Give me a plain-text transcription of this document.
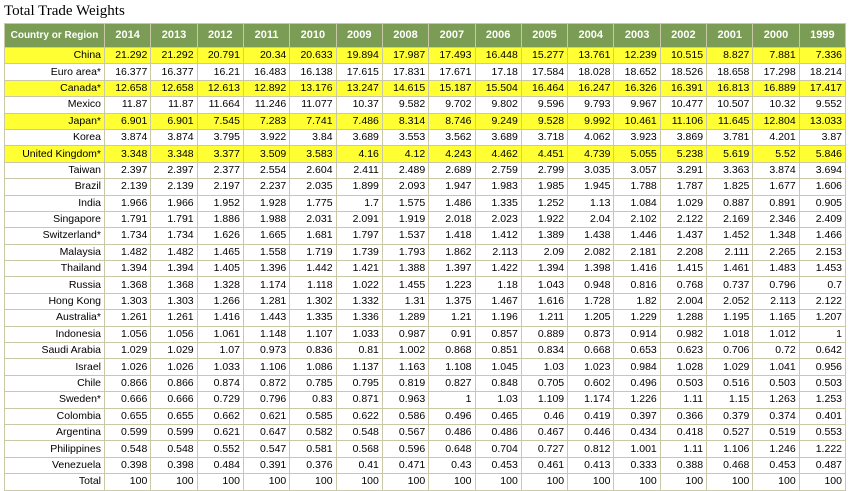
Total Trade Weights
Country or Region	2014	2013	2012	2011	2010	2009	2008	2007	2006	2005	2004	2003	2002	2001	2000	1999
China	21.292	21.292	20.791	20.34	20.633	19.894	17.987	17.493	16.448	15.277	13.761	12.239	10.515	8.827	7.881	7.336
Euro area*	16.377	16.377	16.21	16.483	16.138	17.615	17.831	17.671	17.18	17.584	18.028	18.652	18.526	18.658	17.298	18.214
Canada*	12.658	12.658	12.613	12.892	13.176	13.247	14.615	15.187	15.504	16.464	16.247	16.326	16.391	16.813	16.889	17.417
Mexico	11.87	11.87	11.664	11.246	11.077	10.37	9.582	9.702	9.802	9.596	9.793	9.967	10.477	10.507	10.32	9.552
Japan*	6.901	6.901	7.545	7.283	7.741	7.486	8.314	8.746	9.249	9.528	9.992	10.461	11.106	11.645	12.804	13.033
Korea	3.874	3.874	3.795	3.922	3.84	3.689	3.553	3.562	3.689	3.718	4.062	3.923	3.869	3.781	4.201	3.87
United Kingdom*	3.348	3.348	3.377	3.509	3.583	4.16	4.12	4.243	4.462	4.451	4.739	5.055	5.238	5.619	5.52	5.846
Taiwan	2.397	2.397	2.377	2.554	2.604	2.411	2.489	2.689	2.759	2.799	3.035	3.057	3.291	3.363	3.874	3.694
Brazil	2.139	2.139	2.197	2.237	2.035	1.899	2.093	1.947	1.983	1.985	1.945	1.788	1.787	1.825	1.677	1.606
India	1.966	1.966	1.952	1.928	1.775	1.7	1.575	1.486	1.335	1.252	1.13	1.084	1.029	0.887	0.891	0.905
Singapore	1.791	1.791	1.886	1.988	2.031	2.091	1.919	2.018	2.023	1.922	2.04	2.102	2.122	2.169	2.346	2.409
Switzerland*	1.734	1.734	1.626	1.665	1.681	1.797	1.537	1.418	1.412	1.389	1.438	1.446	1.437	1.452	1.348	1.466
Malaysia	1.482	1.482	1.465	1.558	1.719	1.739	1.793	1.862	2.113	2.09	2.082	2.181	2.208	2.111	2.265	2.153
Thailand	1.394	1.394	1.405	1.396	1.442	1.421	1.388	1.397	1.422	1.394	1.398	1.416	1.415	1.461	1.483	1.453
Russia	1.368	1.368	1.328	1.174	1.118	1.022	1.455	1.223	1.18	1.043	0.948	0.816	0.768	0.737	0.796	0.7
Hong Kong	1.303	1.303	1.266	1.281	1.302	1.332	1.31	1.375	1.467	1.616	1.728	1.82	2.004	2.052	2.113	2.122
Australia*	1.261	1.261	1.416	1.443	1.335	1.336	1.289	1.21	1.196	1.211	1.205	1.229	1.288	1.195	1.165	1.207
Indonesia	1.056	1.056	1.061	1.148	1.107	1.033	0.987	0.91	0.857	0.889	0.873	0.914	0.982	1.018	1.012	1
Saudi Arabia	1.029	1.029	1.07	0.973	0.836	0.81	1.002	0.868	0.851	0.834	0.668	0.653	0.623	0.706	0.72	0.642
Israel	1.026	1.026	1.033	1.106	1.086	1.137	1.163	1.108	1.045	1.03	1.023	0.984	1.028	1.029	1.041	0.956
Chile	0.866	0.866	0.874	0.872	0.785	0.795	0.819	0.827	0.848	0.705	0.602	0.496	0.503	0.516	0.503	0.503
Sweden*	0.666	0.666	0.729	0.796	0.83	0.871	0.963	1	1.03	1.109	1.174	1.226	1.11	1.15	1.263	1.253
Colombia	0.655	0.655	0.662	0.621	0.585	0.622	0.586	0.496	0.465	0.46	0.419	0.397	0.366	0.379	0.374	0.401
Argentina	0.599	0.599	0.621	0.647	0.582	0.548	0.567	0.486	0.486	0.467	0.446	0.434	0.418	0.527	0.519	0.553
Philippines	0.548	0.548	0.552	0.547	0.581	0.568	0.596	0.648	0.704	0.727	0.812	1.001	1.11	1.106	1.246	1.222
Venezuela	0.398	0.398	0.484	0.391	0.376	0.41	0.471	0.43	0.453	0.461	0.413	0.333	0.388	0.468	0.453	0.487
Total	100	100	100	100	100	100	100	100	100	100	100	100	100	100	100	100
